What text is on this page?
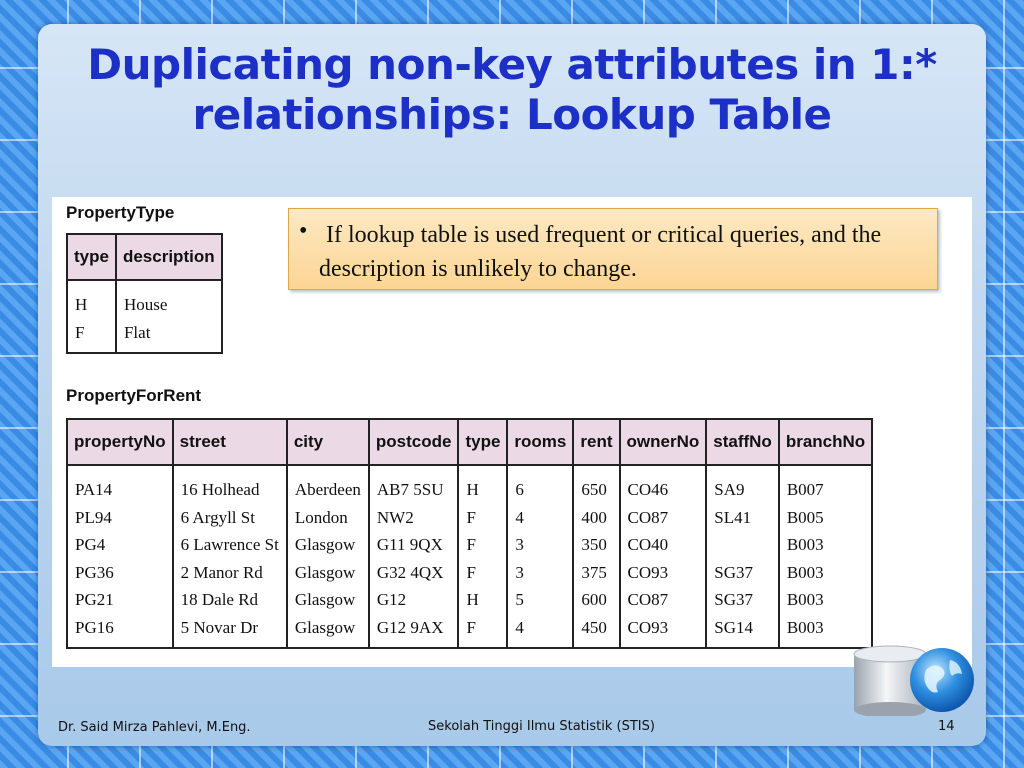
Duplicating non-key attributes in 1:* relationships: Lookup Table
PropertyType
type	description
H	House
F	Flat
PropertyForRent
propertyNo	street	city	postcode	type	rooms	rent	ownerNo	staffNo	branchNo
PA14	16 Holhead	Aberdeen	AB7 5SU	H	6	650	CO46	SA9	B007
PL94	6 Argyll St	London	NW2	F	4	400	CO87	SL41	B005
PG4	6 Lawrence St	Glasgow	G11 9QX	F	3	350	CO40		B003
PG36	2 Manor Rd	Glasgow	G32 4QX	F	3	375	CO93	SG37	B003
PG21	18 Dale Rd	Glasgow	G12	H	5	600	CO87	SG37	B003
PG16	5 Novar Dr	Glasgow	G12 9AX	F	4	450	CO93	SG14	B003
• If lookup table is used frequent or critical queries, and the description is unlikely to change.
Dr. Said Mirza Pahlevi, M.Eng.	Sekolah Tinggi Ilmu Statistik (STIS)	14
